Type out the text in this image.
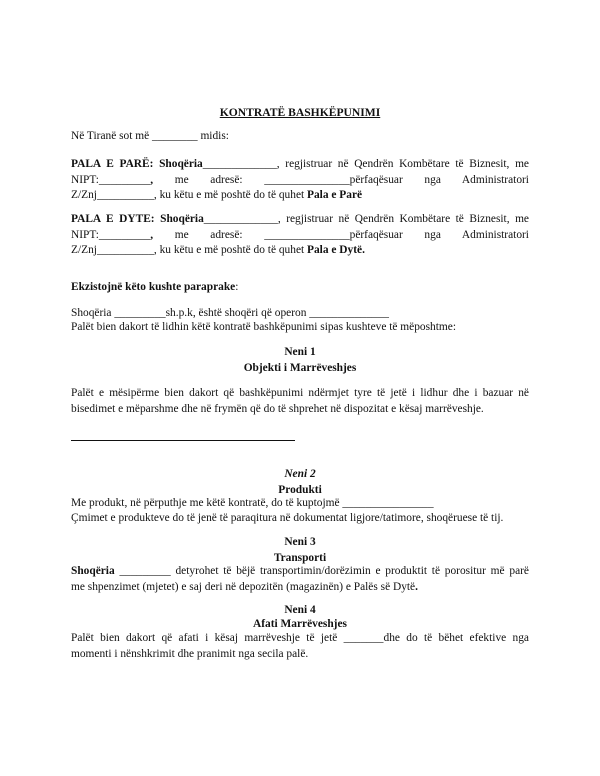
KONTRATË BASHKËPUNIMI
Në Tiranë sot më ________ midis:
PALA E PARË: Shoqëria_____________, regjistruar në Qendrën Kombëtare të Biznesit, me
NIPT:_________, me adresë: _______________përfaqësuar nga Administratori
Z/Znj__________, ku këtu e më poshtë do të quhet Pala e Parë
PALA E DYTE: Shoqëria_____________, regjistruar në Qendrën Kombëtare të Biznesit, me
NIPT:_________, me adresë: _______________përfaqësuar nga Administratori
Z/Znj__________, ku këtu e më poshtë do të quhet Pala e Dytë.
Ekzistojnë këto kushte paraprake:
Shoqëria _________sh.p.k, është shoqëri që operon ______________
Palët bien dakort të lidhin këtë kontratë bashkëpunimi sipas kushteve të mëposhtme:
Neni 1
Objekti i Marrëveshjes
Palët e mësipërme bien dakort që bashkëpunimi ndërmjet tyre të jetë i lidhur dhe i bazuar në
bisedimet e mëparshme dhe në frymën që do të shprehet në dispozitat e kësaj marrëveshje.
Neni 2
Produkti
Me produkt, në përputhje me këtë kontratë, do të kuptojmë ________________
Çmimet e produkteve do të jenë të paraqitura në dokumentat ligjore/tatimore, shoqëruese të tij.
Neni 3
Transporti
Shoqëria _________ detyrohet të bëjë transportimin/dorëzimin e produktit të porositur më parë
me shpenzimet (mjetet) e saj deri në depozitën (magazinën) e Palës së Dytë.
Neni 4
Afati Marrëveshjes
Palët bien dakort që afati i kësaj marrëveshje të jetë _______dhe do të bëhet efektive nga
momenti i nënshkrimit dhe pranimit nga secila palë.
